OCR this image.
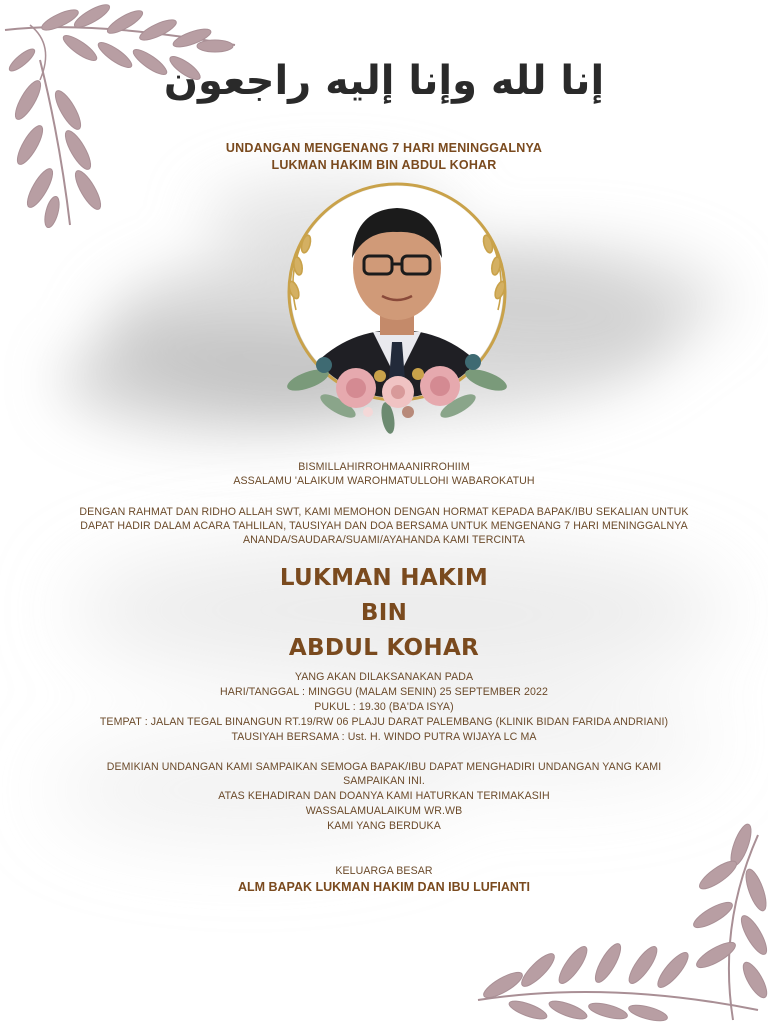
إنا لله وإنا إليه راجعون
UNDANGAN MENGENANG 7 HARI MENINGGALNYA
LUKMAN HAKIM BIN ABDUL KOHAR
BISMILLAHIRROHMAANIRROHIIM
ASSALAMU 'ALAIKUM WAROHMATULLOHI WABAROKATUH
DENGAN RAHMAT DAN RIDHO ALLAH SWT, KAMI MEMOHON DENGAN HORMAT KEPADA BAPAK/IBU SEKALIAN UNTUK
DAPAT HADIR DALAM ACARA TAHLILAN, TAUSIYAH DAN DOA BERSAMA UNTUK MENGENANG 7 HARI MENINGGALNYA
ANANDA/SAUDARA/SUAMI/AYAHANDA KAMI TERCINTA
LUKMAN HAKIM
BIN
ABDUL KOHAR
YANG AKAN DILAKSANAKAN PADA
HARI/TANGGAL : MINGGU (MALAM SENIN) 25 SEPTEMBER 2022
PUKUL : 19.30 (BA'DA ISYA)
TEMPAT : JALAN TEGAL BINANGUN RT.19/RW 06 PLAJU DARAT PALEMBANG (KLINIK BIDAN FARIDA ANDRIANI)
TAUSIYAH BERSAMA : Ust. H. WINDO PUTRA WIJAYA LC MA
DEMIKIAN UNDANGAN KAMI SAMPAIKAN SEMOGA BAPAK/IBU DAPAT MENGHADIRI UNDANGAN YANG KAMI
SAMPAIKAN INI.
ATAS KEHADIRAN DAN DOANYA KAMI HATURKAN TERIMAKASIH
WASSALAMUALAIKUM WR.WB
KAMI YANG BERDUKA
KELUARGA BESAR
ALM BAPAK LUKMAN HAKIM DAN IBU LUFIANTI
